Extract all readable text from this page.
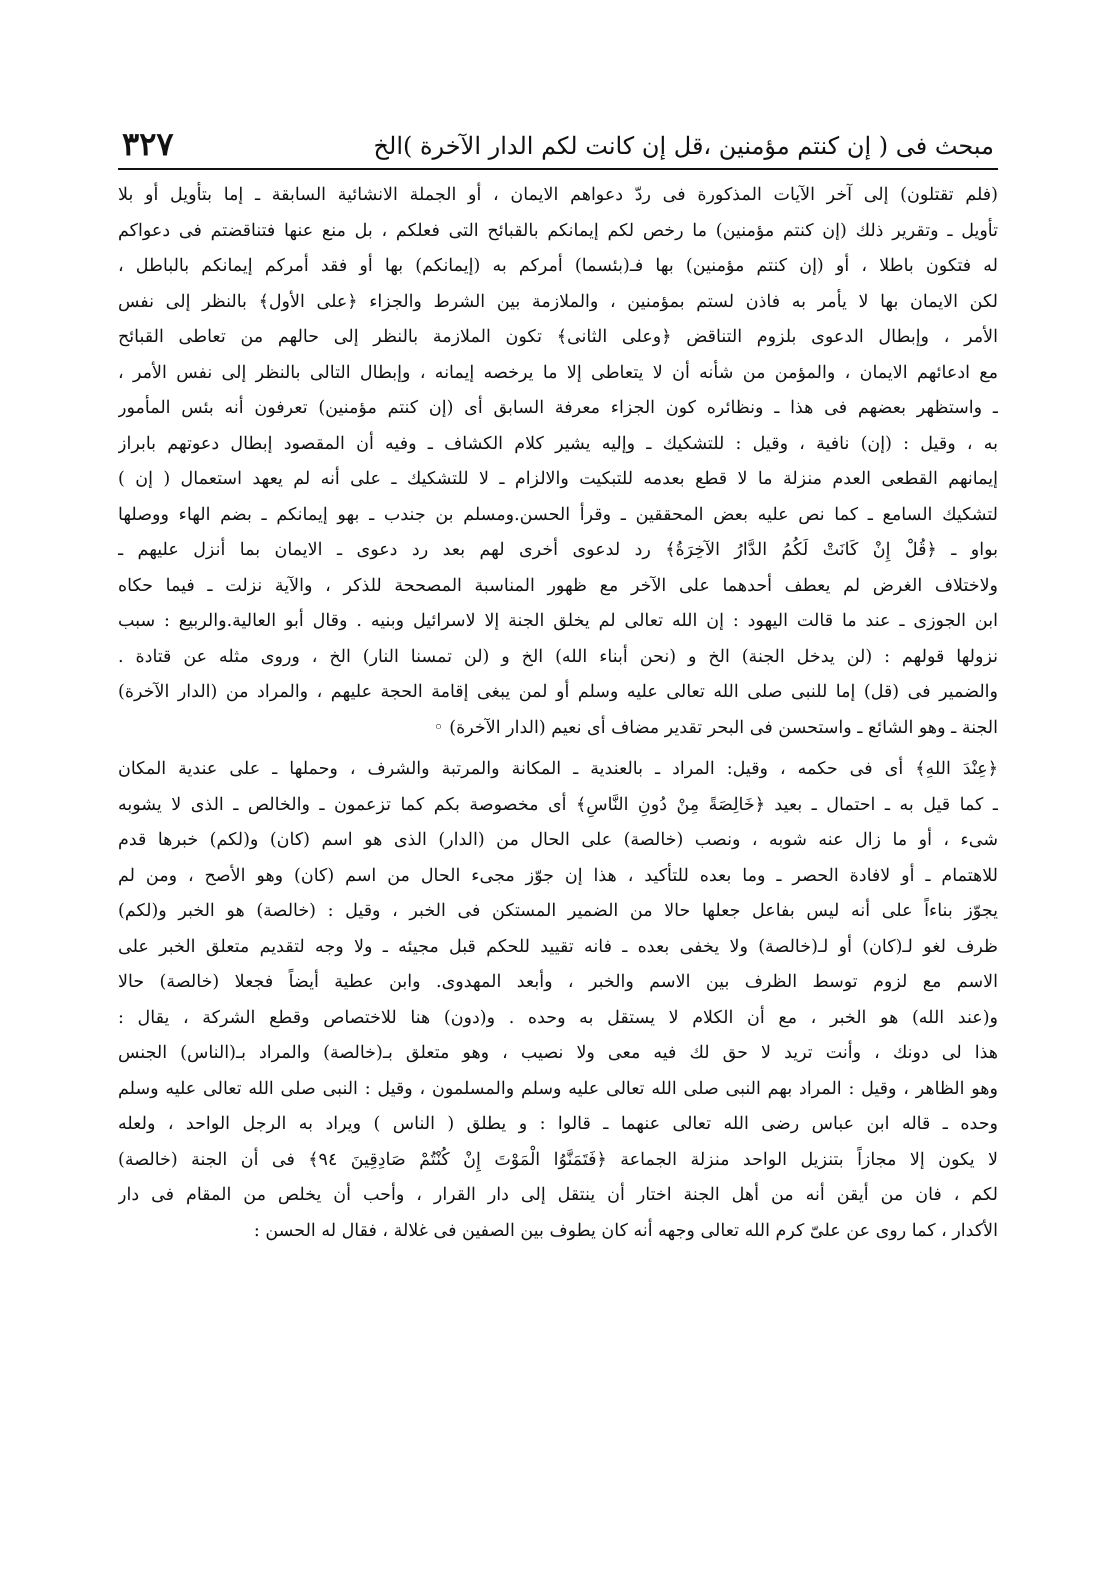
مبحث فى ( إن كنتم مؤمنين ،قل إن كانت لكم الدار الآخرة )الخ
٣٢٧
(فلم تقتلون) إلى آخر الآيات المذكورة فى ردّ دعواهم الايمان ، أو الجملة الانشائية السابقة ـ إما بتأويل أو بلا
تأويل ـ وتقرير ذلك (إن كنتم مؤمنين) ما رخص لكم إيمانكم بالقبائح التى فعلكم ، بل منع عنها فتناقضتم فى دعواكم
له فتكون باطلا ، أو (إن كنتم مؤمنين) بها فـ(بئسما) أمركم به (إيمانكم) بها أو فقد أمركم إيمانكم بالباطل ،
لكن الايمان بها لا يأمر به فاذن لستم بمؤمنين ، والملازمة بين الشرط والجزاء ﴿على الأول﴾ بالنظر إلى نفس
الأمر ، وإبطال الدعوى بلزوم التناقض ﴿وعلى الثانى﴾ تكون الملازمة بالنظر إلى حالهم من تعاطى القبائح
مع ادعائهم الايمان ، والمؤمن من شأنه أن لا يتعاطى إلا ما يرخصه إيمانه ، وإبطال التالى بالنظر إلى نفس الأمر ،
ـ واستظهر بعضهم فى هذا ـ ونظائره كون الجزاء معرفة السابق أى (إن كنتم مؤمنين) تعرفون أنه بئس المأمور
به ، وقيل : (إن) نافية ، وقيل : للتشكيك ـ وإليه يشير كلام الكشاف ـ وفيه أن المقصود إبطال دعوتهم بابراز
إيمانهم القطعى العدم منزلة ما لا قطع بعدمه للتبكيت والالزام ـ لا للتشكيك ـ على أنه لم يعهد استعمال ( إن )
لتشكيك السامع ـ كما نص عليه بعض المحققين ـ وقرأ الحسن.ومسلم بن جندب ـ بهو إيمانكم ـ بضم الهاء ووصلها
بواو ـ ﴿قُلْ إِنْ كَانَتْ لَكُمُ الدَّارُ الآخِرَةُ﴾ رد لدعوى أخرى لهم بعد رد دعوى ـ الايمان بما أنزل عليهم ـ
ولاختلاف الغرض لم يعطف أحدهما على الآخر مع ظهور المناسبة المصححة للذكر ، والآية نزلت ـ فيما حكاه
ابن الجوزى ـ عند ما قالت اليهود : إن الله تعالى لم يخلق الجنة إلا لاسرائيل وبنيه . وقال أبو العالية.والربيع : سبب
نزولها قولهم : (لن يدخل الجنة) الخ و (نحن أبناء الله) الخ و (لن تمسنا النار) الخ ، وروى مثله عن قتادة .
والضمير فى (قل) إما للنبى صلى الله تعالى عليه وسلم أو لمن يبغى إقامة الحجة عليهم ، والمراد من (الدار الآخرة)
الجنة ـ وهو الشائع ـ واستحسن فى البحر تقدير مضاف أى نعيم (الدار الآخرة) ◦
﴿عِنْدَ اللهِ﴾ أى فى حكمه ، وقيل: المراد ـ بالعندية ـ المكانة والمرتبة والشرف ، وحملها ـ على عندية المكان
ـ كما قيل به ـ احتمال ـ بعيد ﴿خَالِصَةً مِنْ دُونِ النَّاسِ﴾ أى مخصوصة بكم كما تزعمون ـ والخالص ـ الذى لا يشوبه
شىء ، أو ما زال عنه شوبه ، ونصب (خالصة) على الحال من (الدار) الذى هو اسم (كان) و(لكم) خبرها قدم
للاهتمام ـ أو لافادة الحصر ـ وما بعده للتأكيد ، هذا إن جوّز مجىء الحال من اسم (كان) وهو الأصح ، ومن لم
يجوّز بناءاً على أنه ليس بفاعل جعلها حالا من الضمير المستكن فى الخبر ، وقيل : (خالصة) هو الخبر و(لكم)
ظرف لغو لـ(كان) أو لـ(خالصة) ولا يخفى بعده ـ فانه تقييد للحكم قبل مجيئه ـ ولا وجه لتقديم متعلق الخبر على
الاسم مع لزوم توسط الظرف بين الاسم والخبر ، وأبعد المهدوى. وابن عطية أيضاً فجعلا (خالصة) حالا
و(عند الله) هو الخبر ، مع أن الكلام لا يستقل به وحده . و(دون) هنا للاختصاص وقطع الشركة ، يقال :
هذا لى دونك ، وأنت تريد لا حق لك فيه معى ولا نصيب ، وهو متعلق بـ(خالصة) والمراد بـ(الناس) الجنس
وهو الظاهر ، وقيل : المراد بهم النبى صلى الله تعالى عليه وسلم والمسلمون ، وقيل : النبى صلى الله تعالى عليه وسلم
وحده ـ قاله ابن عباس رضى الله تعالى عنهما ـ قالوا : و يطلق ( الناس ) ويراد به الرجل الواحد ، ولعله
لا يكون إلا مجازاً بتنزيل الواحد منزلة الجماعة ﴿فَتَمَنَّوُا الْمَوْتَ إِنْ كُنْتُمْ صَادِقِينَ ٩٤﴾ فى أن الجنة (خالصة)
لكم ، فان من أيقن أنه من أهل الجنة اختار أن ينتقل إلى دار القرار ، وأحب أن يخلص من المقام فى دار
الأكدار ، كما روى عن علىّ كرم الله تعالى وجهه أنه كان يطوف بين الصفين فى غلالة ، فقال له الحسن :
